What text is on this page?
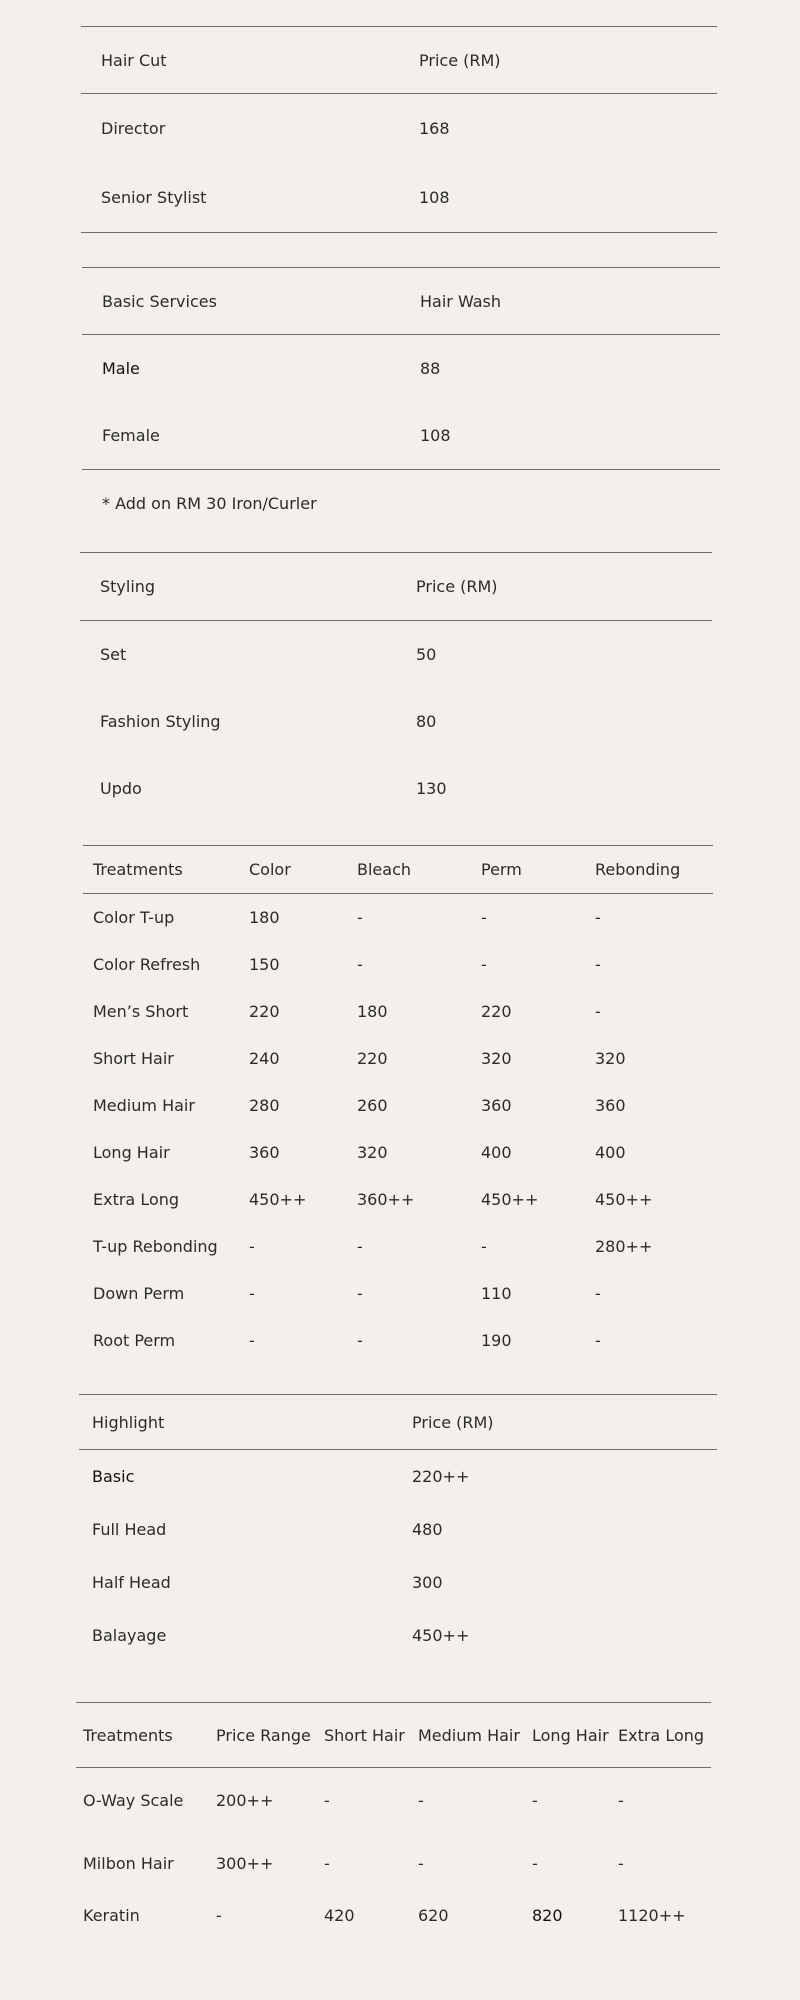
Hair Cut	Price (RM)
Director	168
Senior Stylist	108
Basic Services	Hair Wash
Male	88
Female	108
* Add on RM 30 Iron/Curler
Styling	Price (RM)
Set	50
Fashion Styling	80
Updo	130
Treatments	Color	Bleach	Perm	Rebonding
Color T-up	180	-	-	-
Color Refresh	150	-	-	-
Men’s Short	220	180	220	-
Short Hair	240	220	320	320
Medium Hair	280	260	360	360
Long Hair	360	320	400	400
Extra Long	450++	360++	450++	450++
T-up Rebonding	-	-	-	280++
Down Perm	-	-	110	-
Root Perm	-	-	190	-
Highlight	Price (RM)
Basic	220++
Full Head	480
Half Head	300
Balayage	450++
Treatments	Price Range	Short Hair	Medium Hair	Long Hair	Extra Long
O-Way Scale	200++	-	-	-	-
Milbon Hair	300++	-	-	-	-
Keratin	-	420	620	820	1120++
